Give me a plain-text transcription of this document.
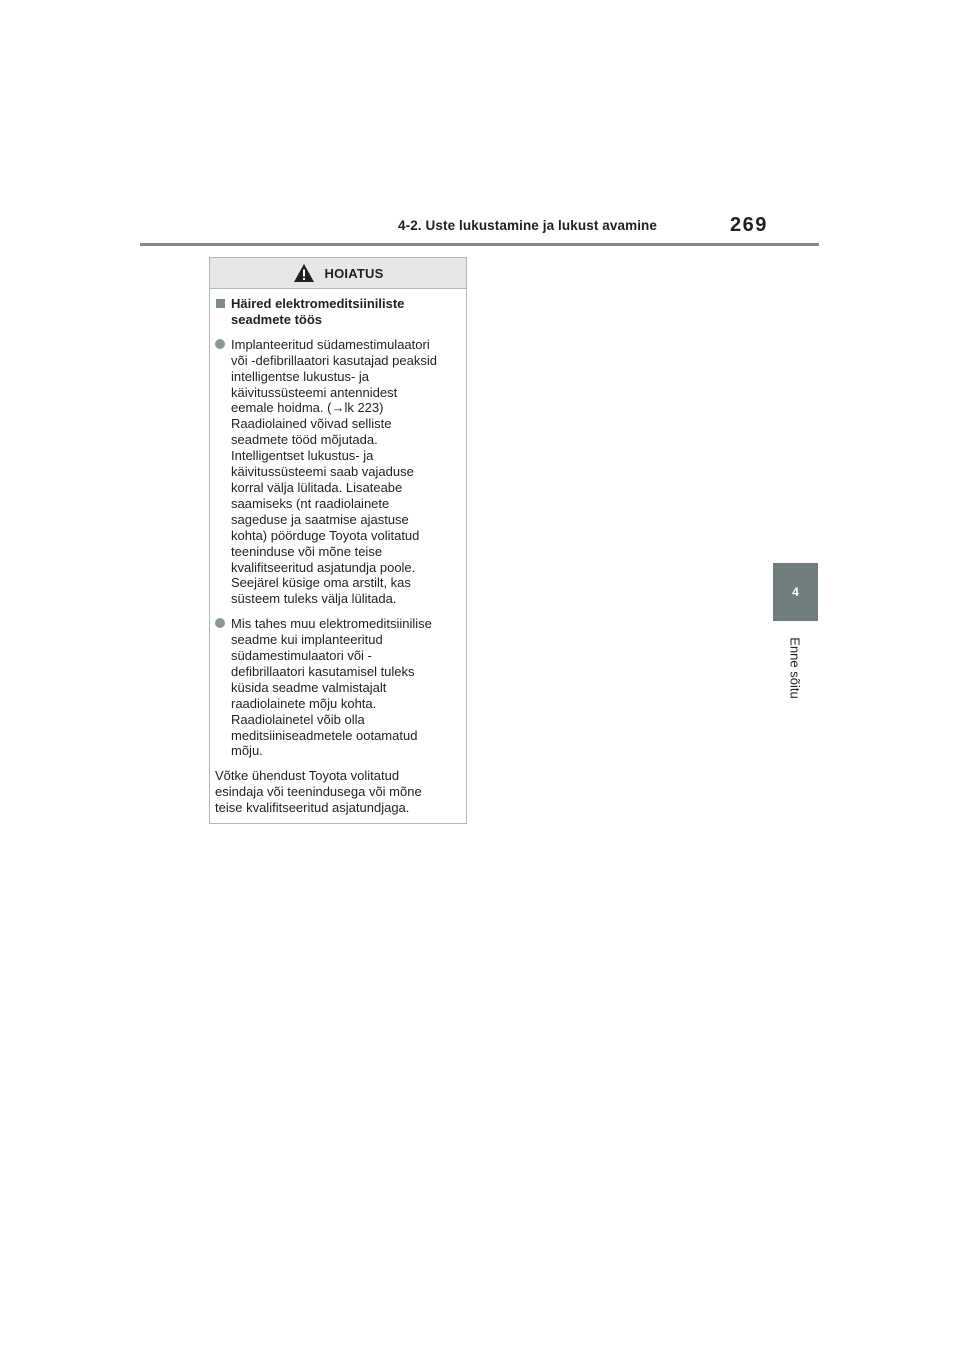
4-2. Uste lukustamine ja lukust avamine	269
4
Enne sõitu
HOIATUS
Häired elektromeditsiiniliste
seadmete töös
Implanteeritud südamestimulaatori
või -defibrillaatori kasutajad peaksid
intelligentse lukustus- ja
käivitussüsteemi antennidest
eemale hoidma. (→lk 223)
Raadiolained võivad selliste
seadmete tööd mõjutada.
Intelligentset lukustus- ja
käivitussüsteemi saab vajaduse
korral välja lülitada. Lisateabe
saamiseks (nt raadiolainete
sageduse ja saatmise ajastuse
kohta) pöörduge Toyota volitatud
teeninduse või mõne teise
kvalifitseeritud asjatundja poole.
Seejärel küsige oma arstilt, kas
süsteem tuleks välja lülitada.
Mis tahes muu elektromeditsiinilise
seadme kui implanteeritud
südamestimulaatori või -
defibrillaatori kasutamisel tuleks
küsida seadme valmistajalt
raadiolainete mõju kohta.
Raadiolainetel võib olla
meditsiiniseadmetele ootamatud
mõju.
Võtke ühendust Toyota volitatud
esindaja või teenindusega või mõne
teise kvalifitseeritud asjatundjaga.
